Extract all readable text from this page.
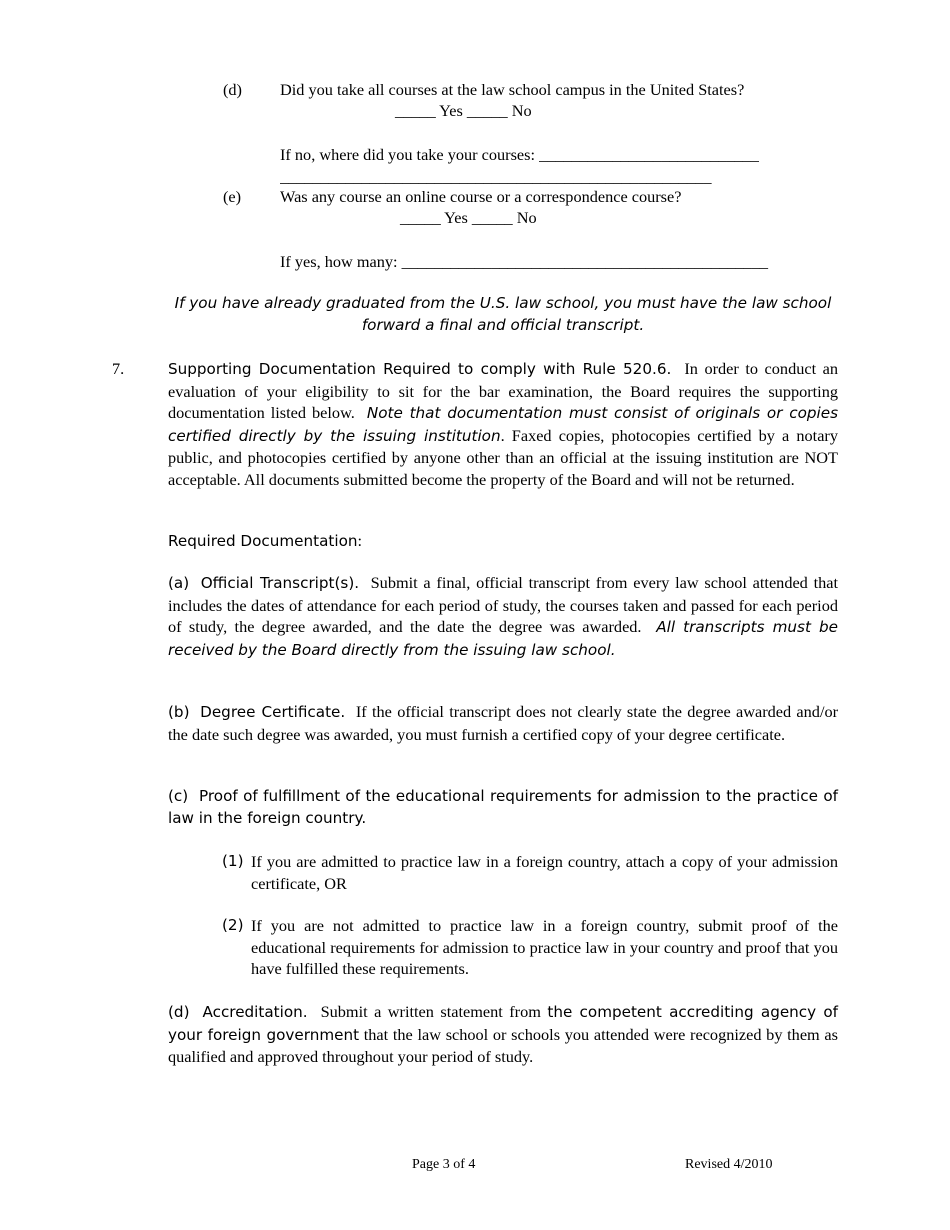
(d) Did you take all courses at the law school campus in the United States?
_____ Yes _____ No
If no, where did you take your courses: ___________________________
_____________________________________________________
(e) Was any course an online course or a correspondence course?
_____ Yes _____ No
If yes, how many: _____________________________________________
If you have already graduated from the U.S. law school, you must have the law school
forward a final and official transcript.
7.	Supporting Documentation Required to comply with Rule 520.6. In order to conduct an evaluation of your eligibility to sit for the bar examination, the Board requires the supporting documentation listed below. Note that documentation must consist of originals or copies certified directly by the issuing institution. Faxed copies, photocopies certified by a notary public, and photocopies certified by anyone other than an official at the issuing institution are NOT acceptable. All documents submitted become the property of the Board and will not be returned.

Required Documentation:

(a) Official Transcript(s). Submit a final, official transcript from every law school attended that includes the dates of attendance for each period of study, the courses taken and passed for each period of study, the degree awarded, and the date the degree was awarded. All transcripts must be received by the Board directly from the issuing law school.

(b) Degree Certificate. If the official transcript does not clearly state the degree awarded and/or the date such degree was awarded, you must furnish a certified copy of your degree certificate.

(c) Proof of fulfillment of the educational requirements for admission to the practice of law in the foreign country.

(1) If you are admitted to practice law in a foreign country, attach a copy of your admission certificate, OR

(2) If you are not admitted to practice law in a foreign country, submit proof of the educational requirements for admission to practice law in your country and proof that you have fulfilled these requirements.

(d) Accreditation. Submit a written statement from the competent accrediting agency of your foreign government that the law school or schools you attended were recognized by them as qualified and approved throughout your period of study.

Page 3 of 4	Revised 4/2010
